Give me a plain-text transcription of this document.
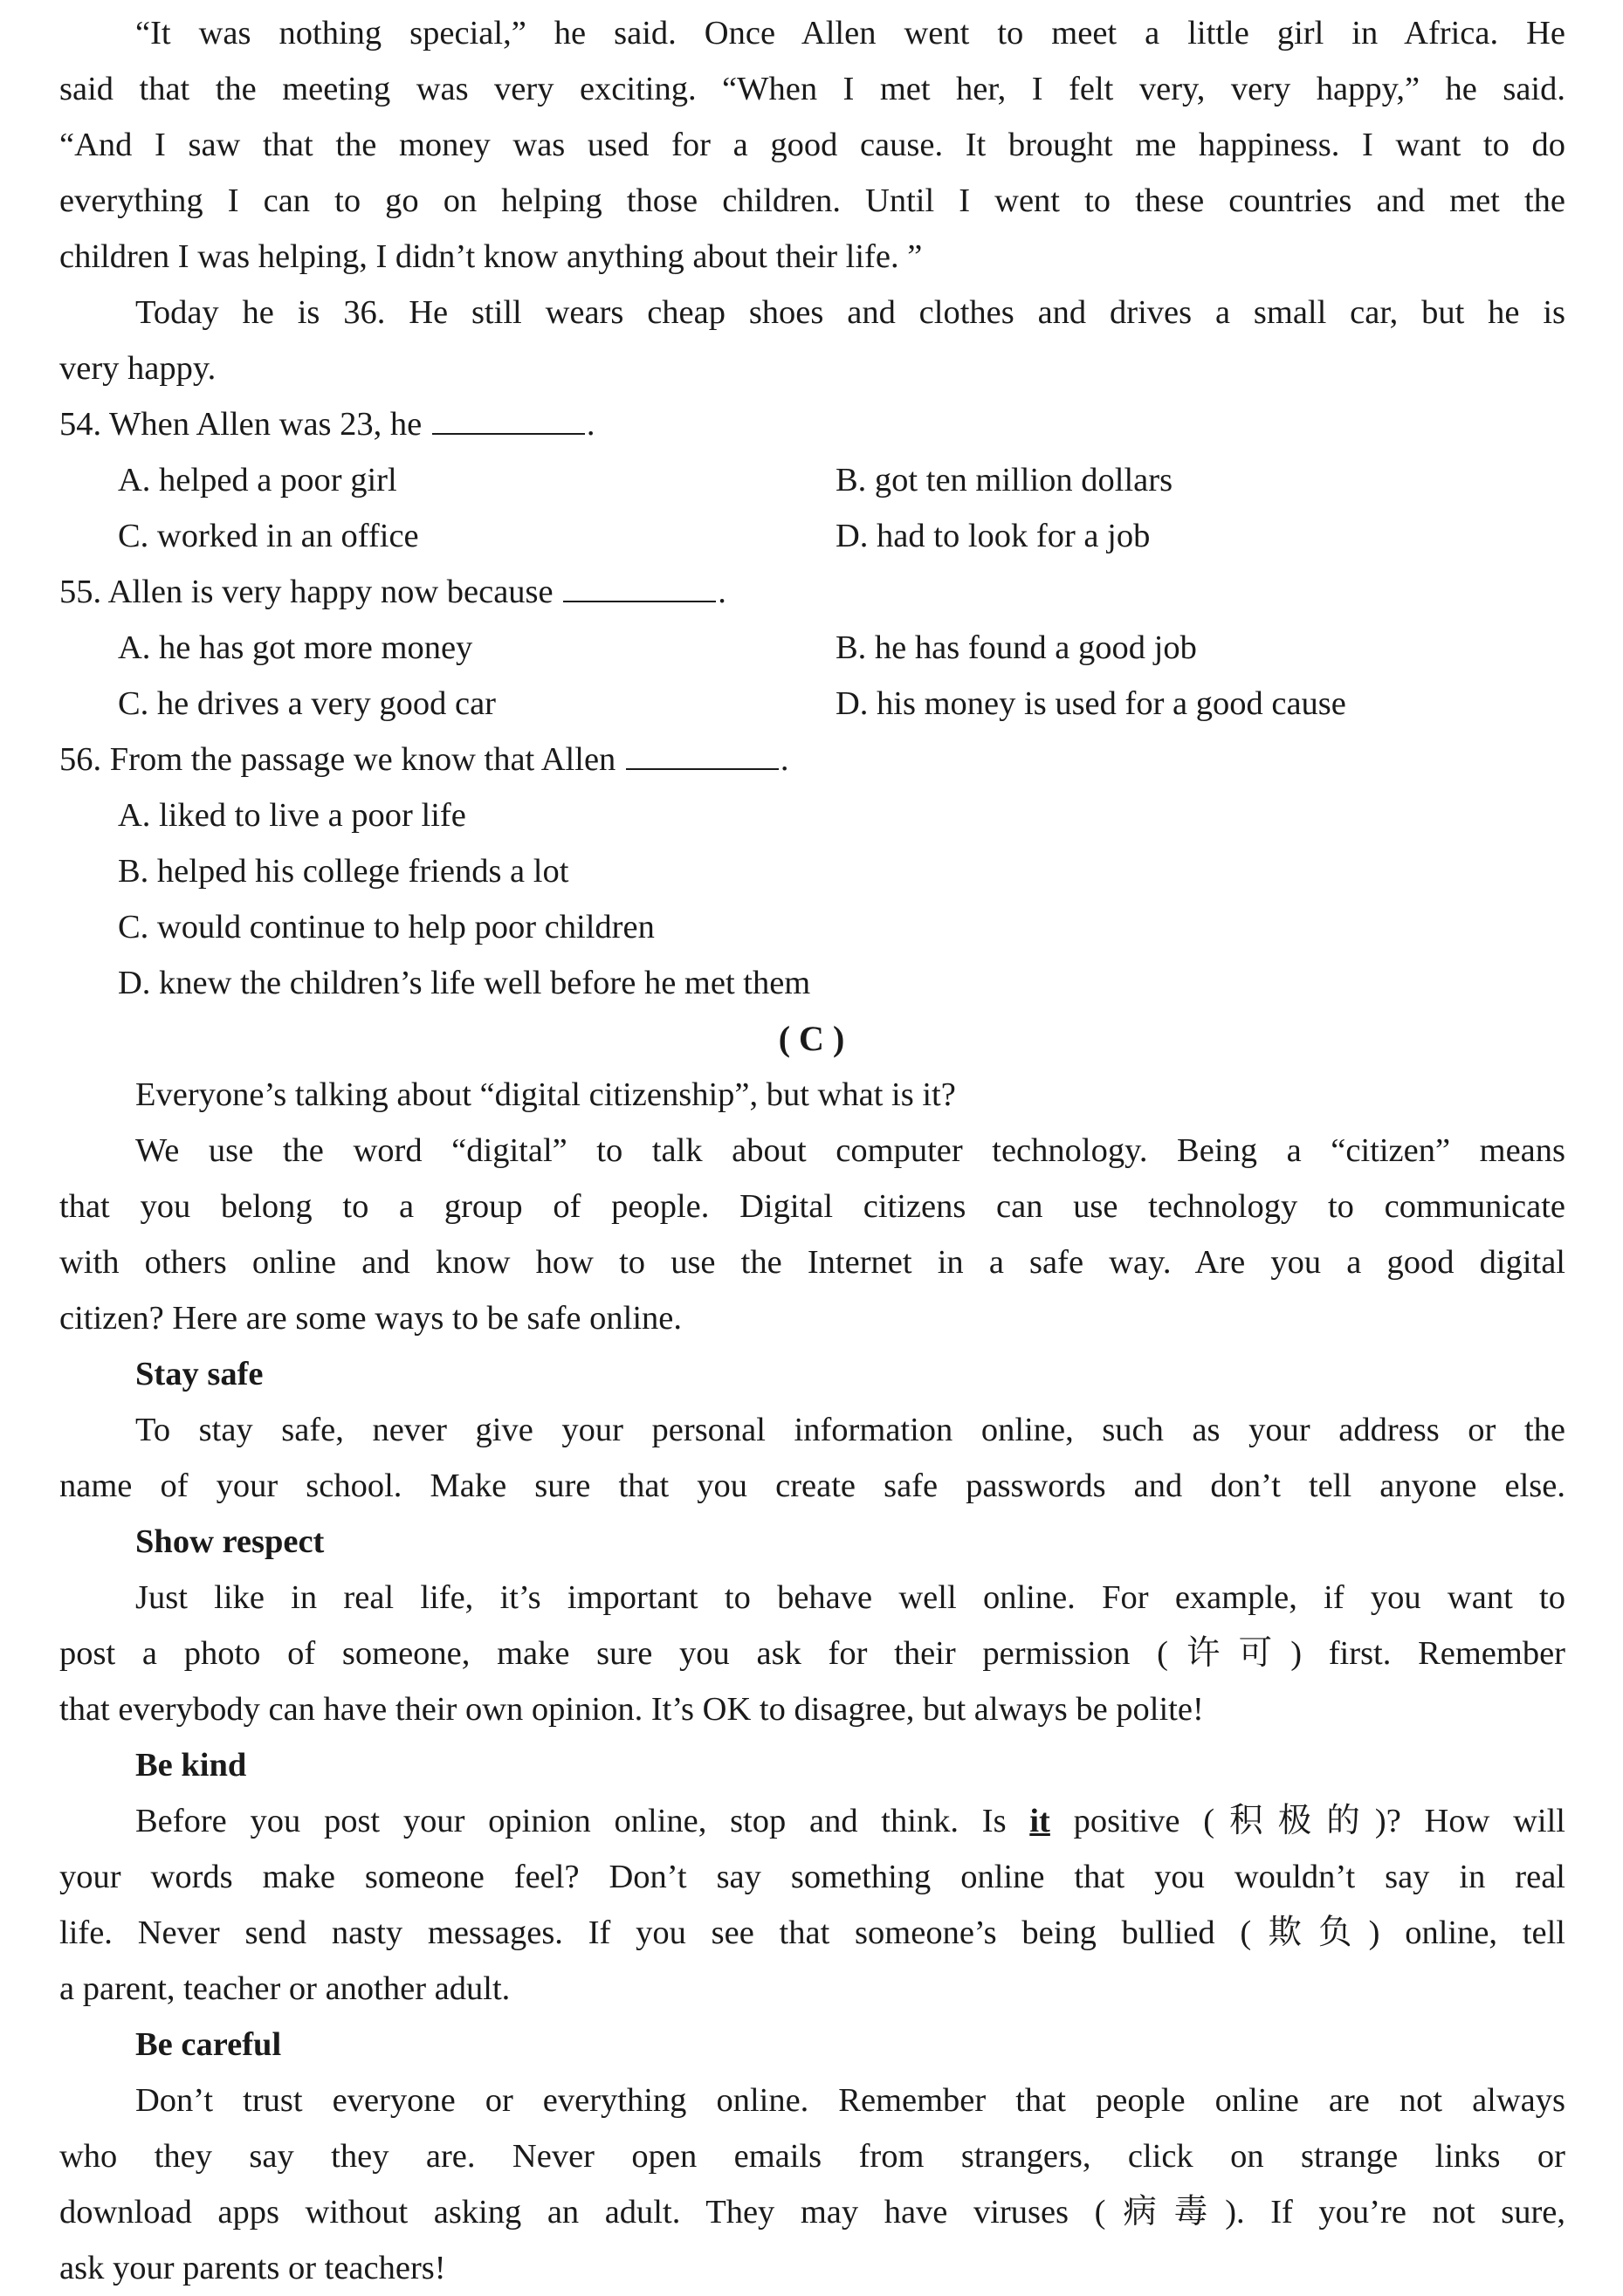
“It was nothing special,” he said. Once Allen went to meet a little girl in Africa. He
said that the meeting was very exciting. “When I met her, I felt very, very happy,” he said.
“And I saw that the money was used for a good cause. It brought me happiness. I want to do
everything I can to go on helping those children. Until I went to these countries and met the
children I was helping, I didn’t know anything about their life. ”
Today he is 36. He still wears cheap shoes and clothes and drives a small car, but he is
very happy.
54. When Allen was 23, he	.
A. helped a poor girl	B. got ten million dollars
C. worked in an office	D. had to look for a job
55. Allen is very happy now because	.
A. he has got more money	B. he has found a good job
C. he drives a very good car	D. his money is used for a good cause
56. From the passage we know that Allen	.
A. liked to live a poor life
B. helped his college friends a lot
C. would continue to help poor children
D. knew the children’s life well before he met them
( C )
Everyone’s talking about “digital citizenship”, but what is it?
We use the word “digital” to talk about computer technology. Being a “citizen” means
that you belong to a group of people. Digital citizens can use technology to communicate
with others online and know how to use the Internet in a safe way. Are you a good digital
citizen? Here are some ways to be safe online.
Stay safe
To stay safe, never give your personal information online, such as your address or the
name of your school. Make sure that you create safe passwords and don’t tell anyone else.
Show respect
Just like in real life, it’s important to behave well online. For example, if you want to
post a photo of someone, make sure you ask for their permission (许可) first. Remember
that everybody can have their own opinion. It’s OK to disagree, but always be polite!
Be kind
Before you post your opinion online, stop and think. Is it positive (积极的)? How will
your words make someone feel? Don’t say something online that you wouldn’t say in real
life. Never send nasty messages. If you see that someone’s being bullied (欺负) online, tell
a parent, teacher or another adult.
Be careful
Don’t trust everyone or everything online. Remember that people online are not always
who they say they are. Never open emails from strangers, click on strange links or
download apps without asking an adult. They may have viruses (病毒). If you’re not sure,
ask your parents or teachers!
